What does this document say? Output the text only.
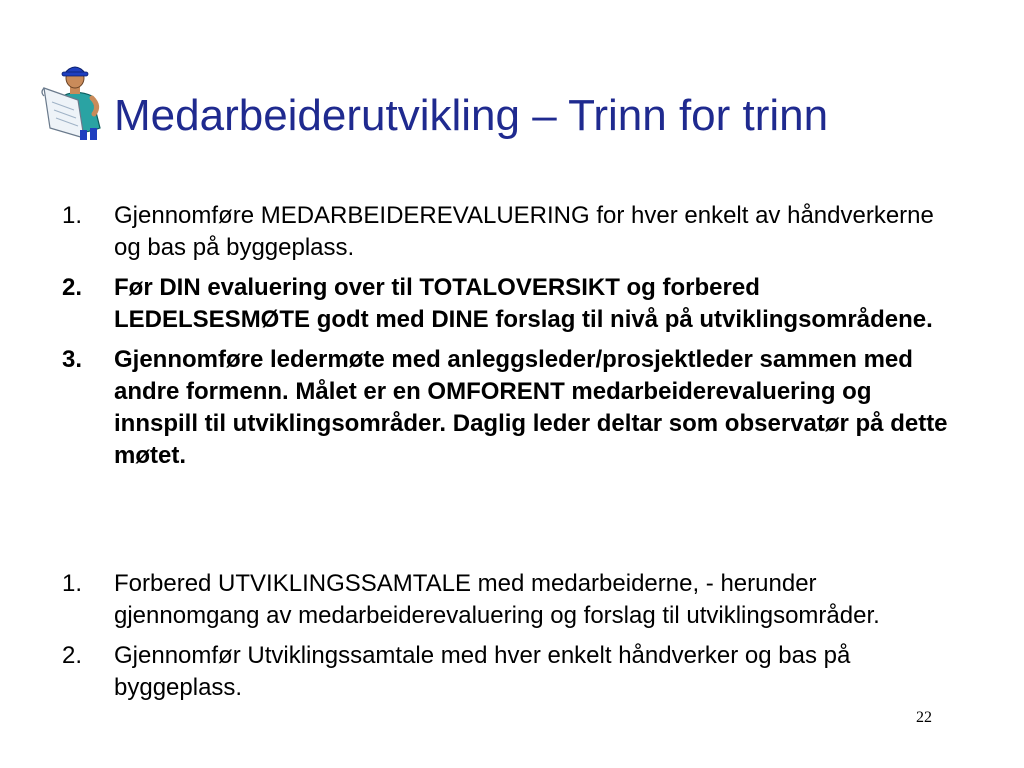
Medarbeiderutvikling – Trinn for trinn
1. Gjennomføre MEDARBEIDEREVALUERING for hver enkelt av håndverkerne og bas på byggeplass.
2. Før DIN evaluering over til TOTALOVERSIKT og forbered LEDELSESMØTE godt med DINE forslag til nivå på utviklingsområdene.
3. Gjennomføre ledermøte med anleggsleder/prosjektleder sammen med andre formenn. Målet er en OMFORENT medarbeiderevaluering og innspill til utviklingsområder. Daglig leder deltar som observatør på dette møtet.
1. Forbered UTVIKLINGSSAMTALE med medarbeiderne, - herunder gjennomgang av medarbeiderevaluering og forslag til utviklingsområder.
2. Gjennomfør Utviklingssamtale med hver enkelt håndverker og bas på byggeplass.
22
